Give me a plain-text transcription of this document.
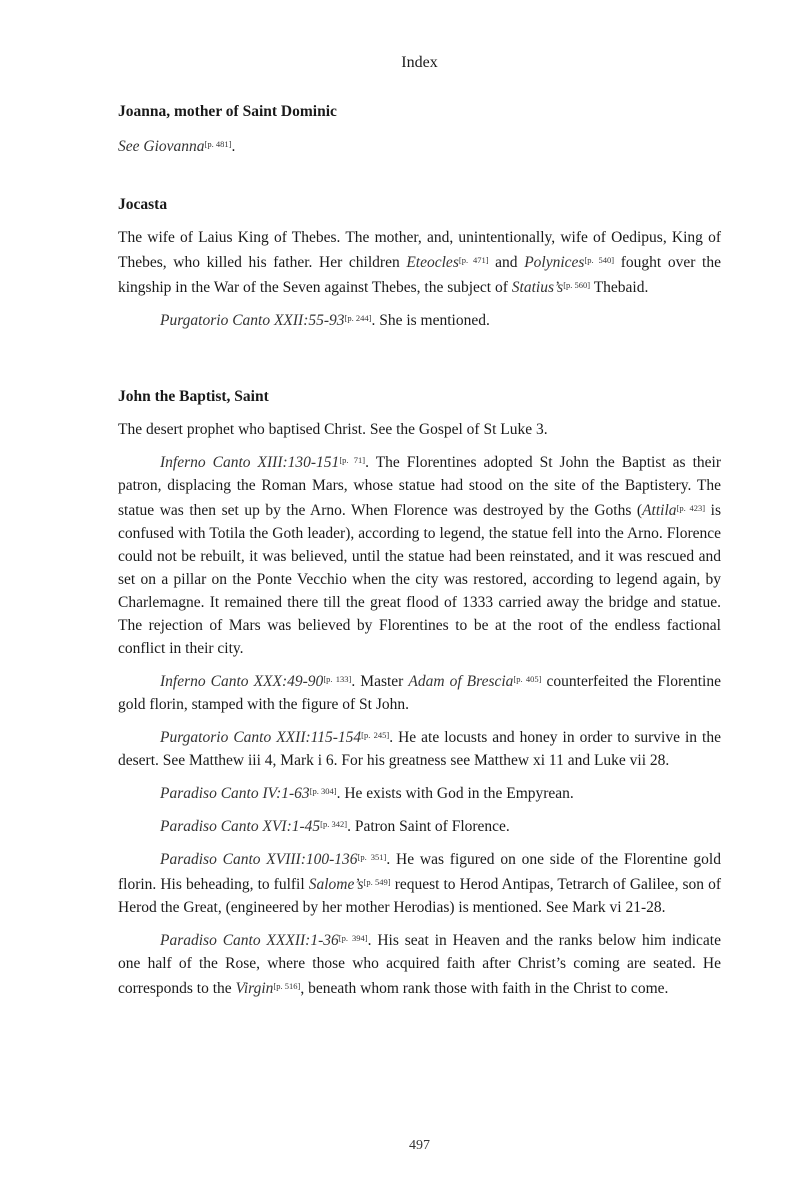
Index
Joanna, mother of Saint Dominic

See Giovanna[p. 481].

Jocasta

The wife of Laius King of Thebes. The mother, and, unintentionally, wife of Oedipus, King of Thebes, who killed his father. Her children Eteocles[p. 471] and Polynices[p. 540] fought over the kingship in the War of the Seven against Thebes, the subject of Statius’s[p. 560] Thebaid.

Purgatorio Canto XXII:55-93[p. 244]. She is mentioned.

John the Baptist, Saint

The desert prophet who baptised Christ. See the Gospel of St Luke 3.

Inferno Canto XIII:130-151[p. 71]. The Florentines adopted St John the Baptist as their patron, displacing the Roman Mars, whose statue had stood on the site of the Baptistery. The statue was then set up by the Arno. When Florence was destroyed by the Goths (Attila[p. 423] is confused with Totila the Goth leader), according to legend, the statue fell into the Arno. Florence could not be rebuilt, it was believed, until the statue had been reinstated, and it was rescued and set on a pillar on the Ponte Vecchio when the city was restored, according to legend again, by Charlemagne. It remained there till the great flood of 1333 carried away the bridge and statue. The rejection of Mars was believed by Florentines to be at the root of the endless factional conflict in their city.

Inferno Canto XXX:49-90[p. 133]. Master Adam of Brescia[p. 405] counterfeited the Florentine gold florin, stamped with the figure of St John.

Purgatorio Canto XXII:115-154[p. 245]. He ate locusts and honey in order to survive in the desert. See Matthew iii 4, Mark i 6. For his greatness see Matthew xi 11 and Luke vii 28.

Paradiso Canto IV:1-63[p. 304]. He exists with God in the Empyrean.

Paradiso Canto XVI:1-45[p. 342]. Patron Saint of Florence.

Paradiso Canto XVIII:100-136[p. 351]. He was figured on one side of the Florentine gold florin. His beheading, to fulfil Salome’s[p. 549] request to Herod Antipas, Tetrarch of Galilee, son of Herod the Great, (engineered by her mother Herodias) is mentioned. See Mark vi 21-28.

Paradiso Canto XXXII:1-36[p. 394]. His seat in Heaven and the ranks below him indicate one half of the Rose, where those who acquired faith after Christ’s coming are seated. He corresponds to the Virgin[p. 516], beneath whom rank those with faith in the Christ to come.

497
